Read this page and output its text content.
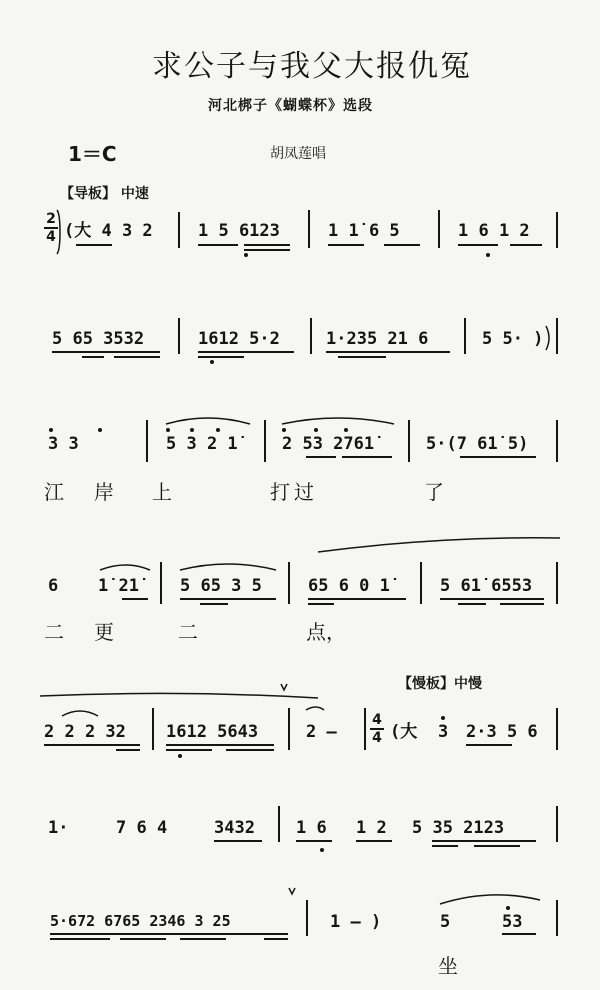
求公子与我父大报仇冤
河北梆子《蝴蝶杯》选段
1＝C	胡凤莲唱
【导板】 中速
【慢板】中慢
2
4
4
4
(大 4 3 2	1 5 6123	1 1̇ 6 5	1 6 1 2
5 65 3532	1612 5·2	1·235 21 6	5 5· )
3 3	5 3 2 1̇	2 53 2761̇	5·(7 61̇ 5)
江 岸 上	打过	了
6 1̇ 21̇ 5 65 3 5	65 6 0 1̇	5 61̇ 6553
二 更	二	点，
2 2 2 32 1612 5643	2 –	(大 3 2·3 5 6
1·	7 6 4	3432 1 6 1 2 5 35 2123
5·672 6765 2346 3 25	1 – )	5	53
坐
